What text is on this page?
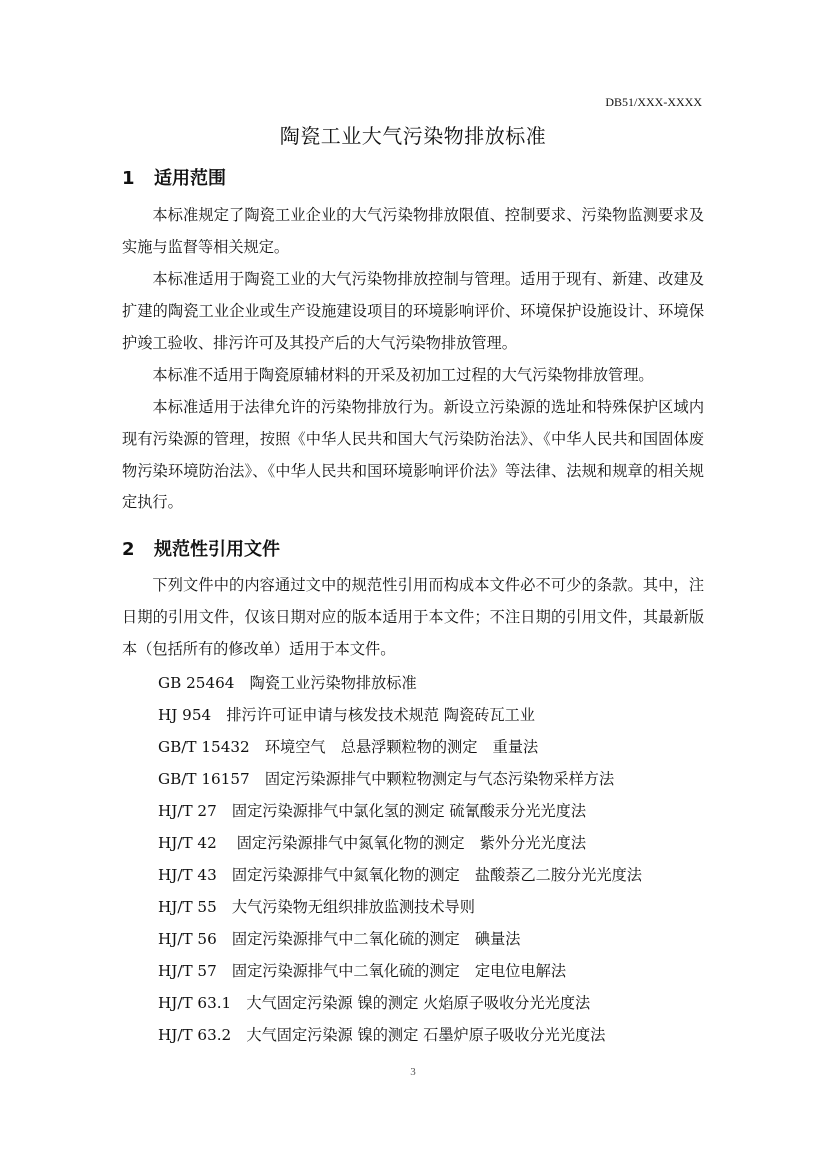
DB51/XXX-XXXX
陶瓷工业大气污染物排放标准
1 适用范围
本标准规定了陶瓷工业企业的大气污染物排放限值、控制要求、污染物监测要求及实施与监督等相关规定。
本标准适用于陶瓷工业的大气污染物排放控制与管理。适用于现有、新建、改建及扩建的陶瓷工业企业或生产设施建设项目的环境影响评价、环境保护设施设计、环境保护竣工验收、排污许可及其投产后的大气污染物排放管理。
本标准不适用于陶瓷原辅材料的开采及初加工过程的大气污染物排放管理。
本标准适用于法律允许的污染物排放行为。新设立污染源的选址和特殊保护区域内现有污染源的管理，按照《中华人民共和国大气污染防治法》、《中华人民共和国固体废物污染环境防治法》、《中华人民共和国环境影响评价法》等法律、法规和规章的相关规定执行。
2 规范性引用文件
下列文件中的内容通过文中的规范性引用而构成本文件必不可少的条款。其中，注日期的引用文件，仅该日期对应的版本适用于本文件；不注日期的引用文件，其最新版本（包括所有的修改单）适用于本文件。
GB 25464　陶瓷工业污染物排放标准
HJ 954　排污许可证申请与核发技术规范 陶瓷砖瓦工业
GB/T 15432　环境空气　总悬浮颗粒物的测定　重量法
GB/T 16157　固定污染源排气中颗粒物测定与气态污染物采样方法
HJ/T 27　固定污染源排气中氯化氢的测定 硫氰酸汞分光光度法
HJ/T 42　 固定污染源排气中氮氧化物的测定　紫外分光光度法
HJ/T 43　固定污染源排气中氮氧化物的测定　盐酸萘乙二胺分光光度法
HJ/T 55　大气污染物无组织排放监测技术导则
HJ/T 56　固定污染源排气中二氧化硫的测定　碘量法
HJ/T 57　固定污染源排气中二氧化硫的测定　定电位电解法
HJ/T 63.1　大气固定污染源 镍的测定 火焰原子吸收分光光度法
HJ/T 63.2　大气固定污染源 镍的测定 石墨炉原子吸收分光光度法
3
